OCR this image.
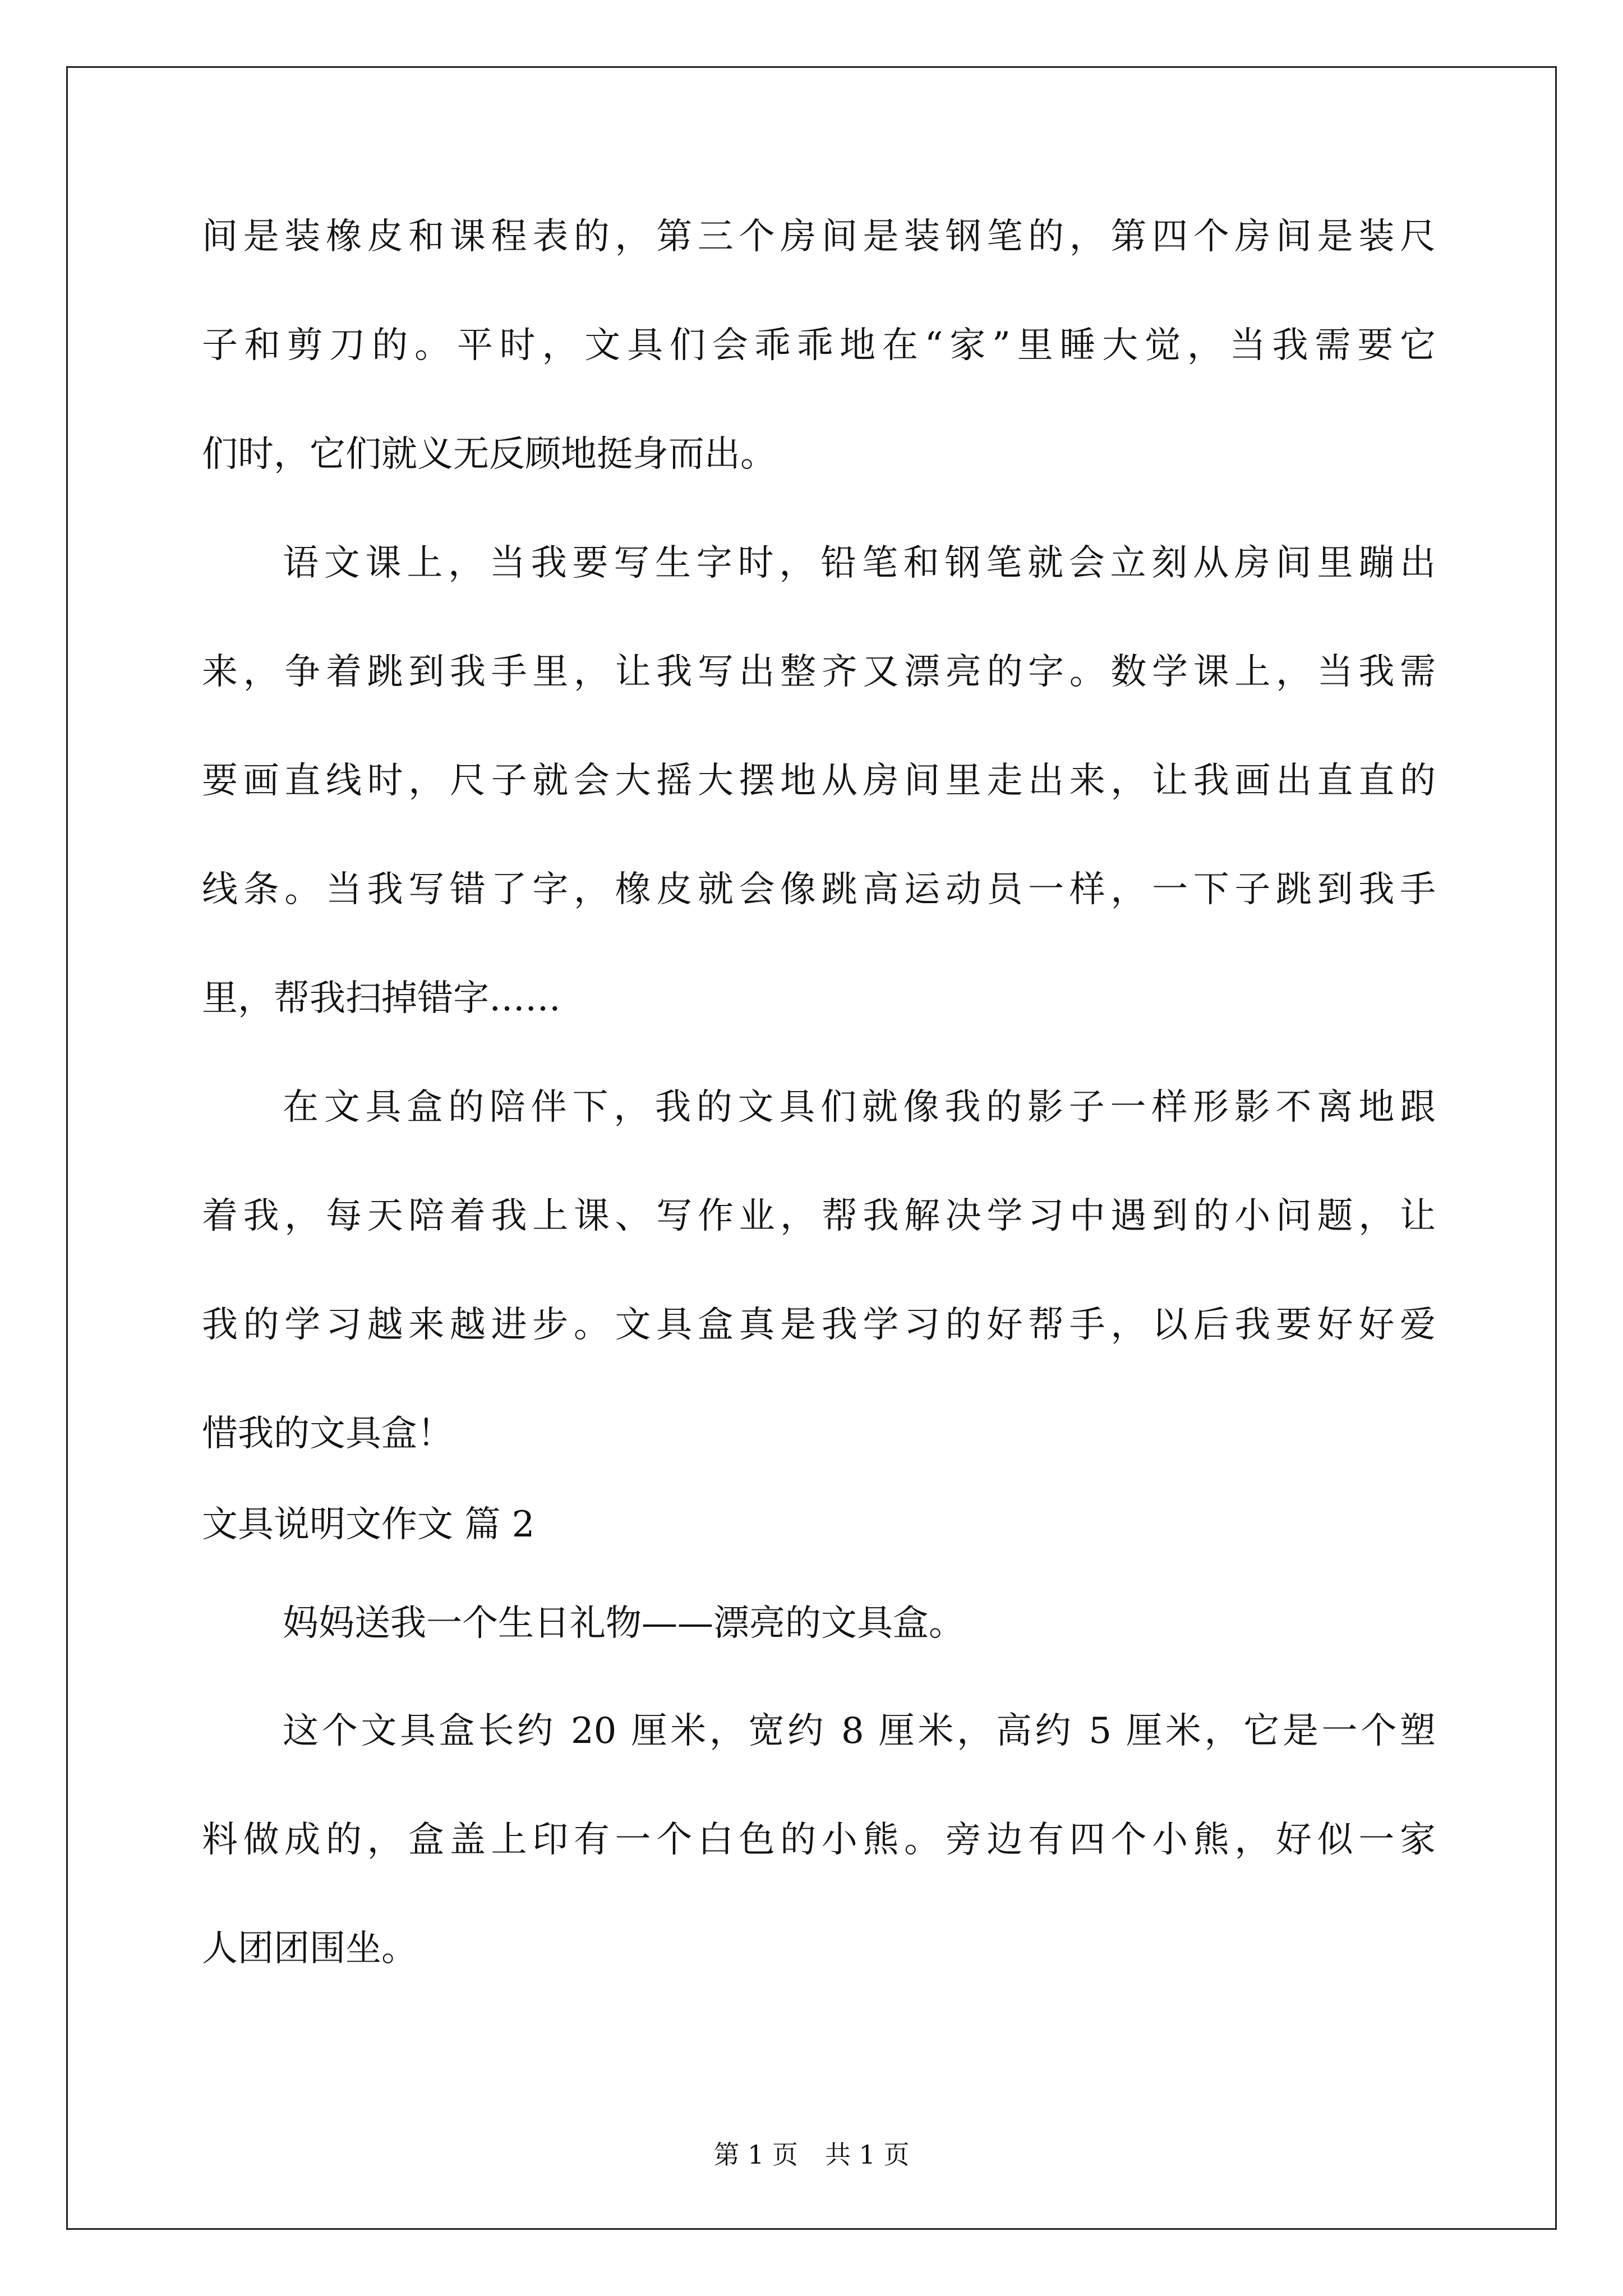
间是装橡皮和课程表的，第三个房间是装钢笔的，第四个房间是装尺
子和剪刀的。平时，文具们会乖乖地在“家”里睡大觉，当我需要它
们时，它们就义无反顾地挺身而出。
语文课上，当我要写生字时，铅笔和钢笔就会立刻从房间里蹦出
来，争着跳到我手里，让我写出整齐又漂亮的字。数学课上，当我需
要画直线时，尺子就会大摇大摆地从房间里走出来，让我画出直直的
线条。当我写错了字，橡皮就会像跳高运动员一样，一下子跳到我手
里，帮我扫掉错字……
在文具盒的陪伴下，我的文具们就像我的影子一样形影不离地跟
着我，每天陪着我上课、写作业，帮我解决学习中遇到的小问题，让
我的学习越来越进步。文具盒真是我学习的好帮手，以后我要好好爱
惜我的文具盒！
文具说明文作文 篇 2
妈妈送我一个生日礼物——漂亮的文具盒。
这个文具盒长约 20 厘米，宽约 8 厘米，高约 5 厘米，它是一个塑
料做成的，盒盖上印有一个白色的小熊。旁边有四个小熊，好似一家
人团团围坐。
第 1 页 共 1 页
